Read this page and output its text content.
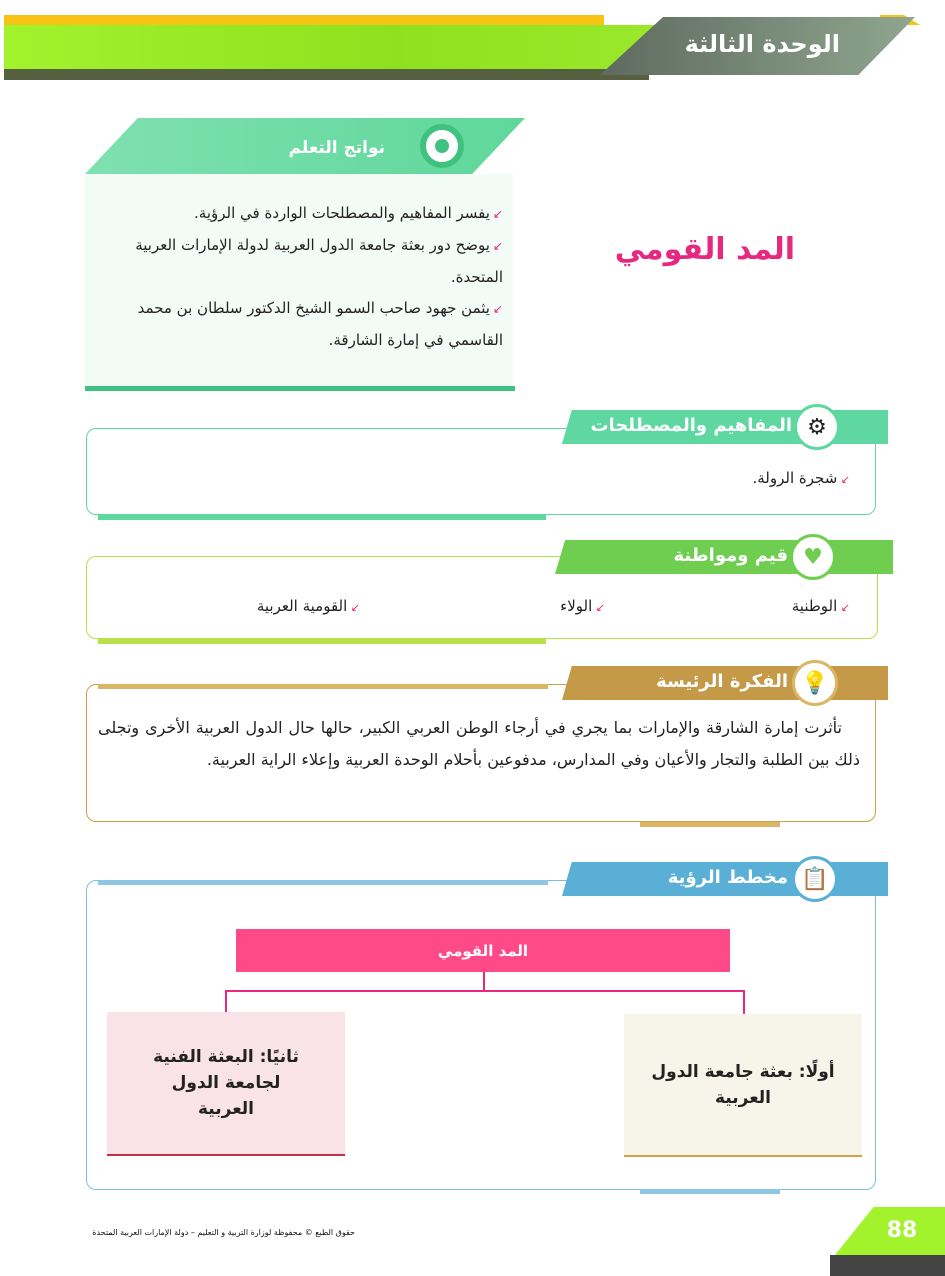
الوحدة الثالثة
نواتج التعلم
↙يفسر المفاهيم والمصطلحات الواردة في الرؤية.
↙يوضح دور بعثة جامعة الدول العربية لدولة الإمارات العربية المتحدة.
↙يثمن جهود صاحب السمو الشيخ الدكتور سلطان بن محمد القاسمي في إمارة الشارقة.
المد القومي
المفاهيم والمصطلحات ⚙
↙ شجرة الرولة.
قيم ومواطنة ♥
↙ الوطنية
↙ الولاء
↙ القومية العربية
الفكرة الرئيسة 💡
تأثرت إمارة الشارقة والإمارات بما يجري في أرجاء الوطن العربي الكبير، حالها حال الدول العربية الأخرى وتجلى ذلك بين الطلبة والتجار والأعيان وفي المدارس، مدفوعين بأحلام الوحدة العربية وإعلاء الراية العربية.
مخطط الرؤية 📋
المد القومي
أولًا: بعثة جامعة الدول العربية
ثانيًا: البعثة الفنية لجامعة الدول العربية
حقوق الطبع © محفوظة لوزارة التربية و التعليم – دولة الإمارات العربية المتحدة	88
